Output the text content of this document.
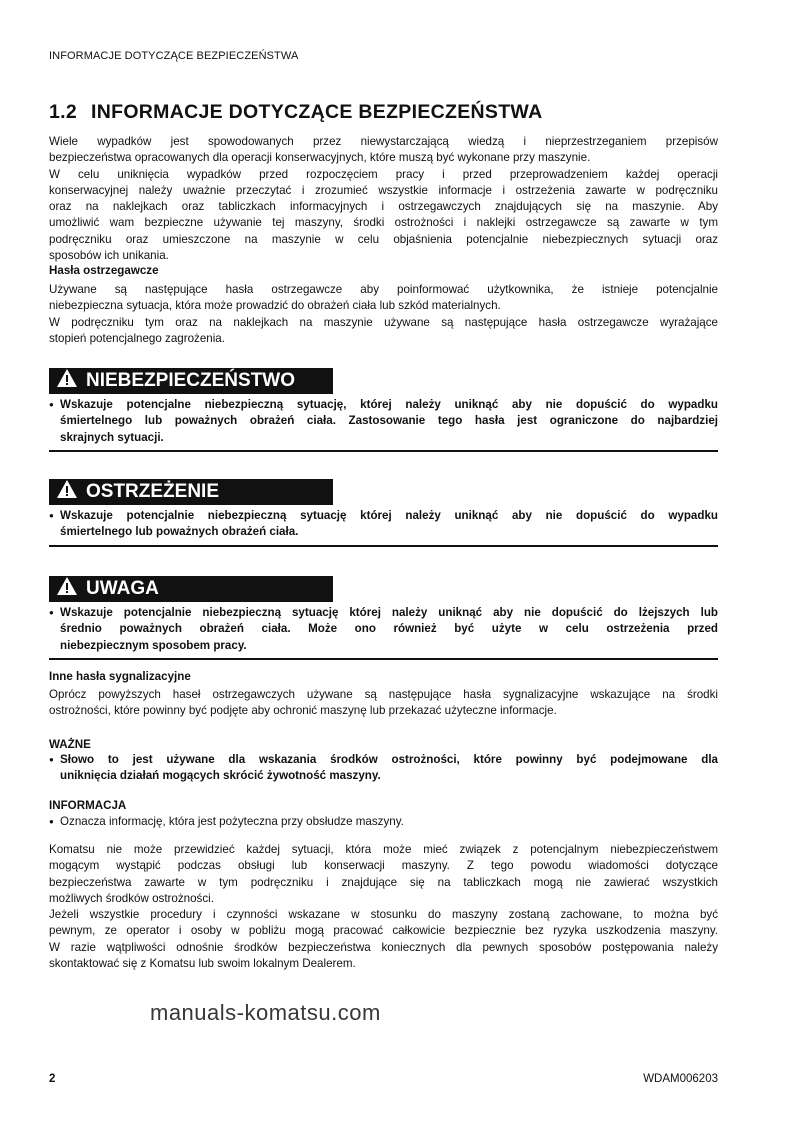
INFORMACJE DOTYCZĄCE BEZPIECZEŃSTWA
1.2 INFORMACJE DOTYCZĄCE BEZPIECZEŃSTWA
Wiele wypadków jest spowodowanych przez niewystarczającą wiedzą i nieprzestrzeganiem przepisów
bezpieczeństwa opracowanych dla operacji konserwacyjnych, które muszą być wykonane przy maszynie.
W celu uniknięcia wypadków przed rozpoczęciem pracy i przed przeprowadzeniem każdej operacji
konserwacyjnej należy uważnie przeczytać i zrozumieć wszystkie informacje i ostrzeżenia zawarte w podręczniku
oraz na naklejkach oraz tabliczkach informacyjnych i ostrzegawczych znajdujących się na maszynie. Aby
umożliwić wam bezpieczne używanie tej maszyny, środki ostrożności i naklejki ostrzegawcze są zawarte w tym
podręczniku oraz umieszczone na maszynie w celu objaśnienia potencjalnie niebezpiecznych sytuacji oraz
sposobów ich unikania.
Hasła ostrzegawcze
Używane są następujące hasła ostrzegawcze aby poinformować użytkownika, że istnieje potencjalnie
niebezpieczna sytuacja, która może prowadzić do obrażeń ciała lub szkód materialnych.
W podręczniku tym oraz na naklejkach na maszynie używane są następujące hasła ostrzegawcze wyrażające
stopień potencjalnego zagrożenia.
NIEBEZPIECZEŃSTWO
● Wskazuje potencjalne niebezpieczną sytuację, której należy uniknąć aby nie dopuścić do wypadku
śmiertelnego lub poważnych obrażeń ciała. Zastosowanie tego hasła jest ograniczone do najbardziej
skrajnych sytuacji.
OSTRZEŻENIE
● Wskazuje potencjalnie niebezpieczną sytuację której należy uniknąć aby nie dopuścić do wypadku
śmiertelnego lub poważnych obrażeń ciała.
UWAGA
● Wskazuje potencjalnie niebezpieczną sytuację której należy uniknąć aby nie dopuścić do lżejszych lub
średnio poważnych obrażeń ciała. Może ono również być użyte w celu ostrzeżenia przed
niebezpiecznym sposobem pracy.
Inne hasła sygnalizacyjne
Oprócz powyższych haseł ostrzegawczych używane są następujące hasła sygnalizacyjne wskazujące na środki
ostrożności, które powinny być podjęte aby ochronić maszynę lub przekazać użyteczne informacje.
WAŻNE
● Słowo to jest używane dla wskazania środków ostrożności, które powinny być podejmowane dla
uniknięcia działań mogących skrócić żywotność maszyny.
INFORMACJA
● Oznacza informację, która jest pożyteczna przy obsłudze maszyny.
Komatsu nie może przewidzieć każdej sytuacji, która może mieć związek z potencjalnym niebezpieczeństwem
mogącym wystąpić podczas obsługi lub konserwacji maszyny. Z tego powodu wiadomości dotyczące
bezpieczeństwa zawarte w tym podręczniku i znajdujące się na tabliczkach mogą nie zawierać wszystkich
możliwych środków ostrożności.
Jeżeli wszystkie procedury i czynności wskazane w stosunku do maszyny zostaną zachowane, to można być
pewnym, ze operator i osoby w pobliżu mogą pracować całkowicie bezpiecznie bez ryzyka uszkodzenia maszyny.
W razie wątpliwości odnośnie środków bezpieczeństwa koniecznych dla pewnych sposobów postępowania należy
skontaktować się z Komatsu lub swoim lokalnym Dealerem.
manuals-komatsu.com
2	WDAM006203
